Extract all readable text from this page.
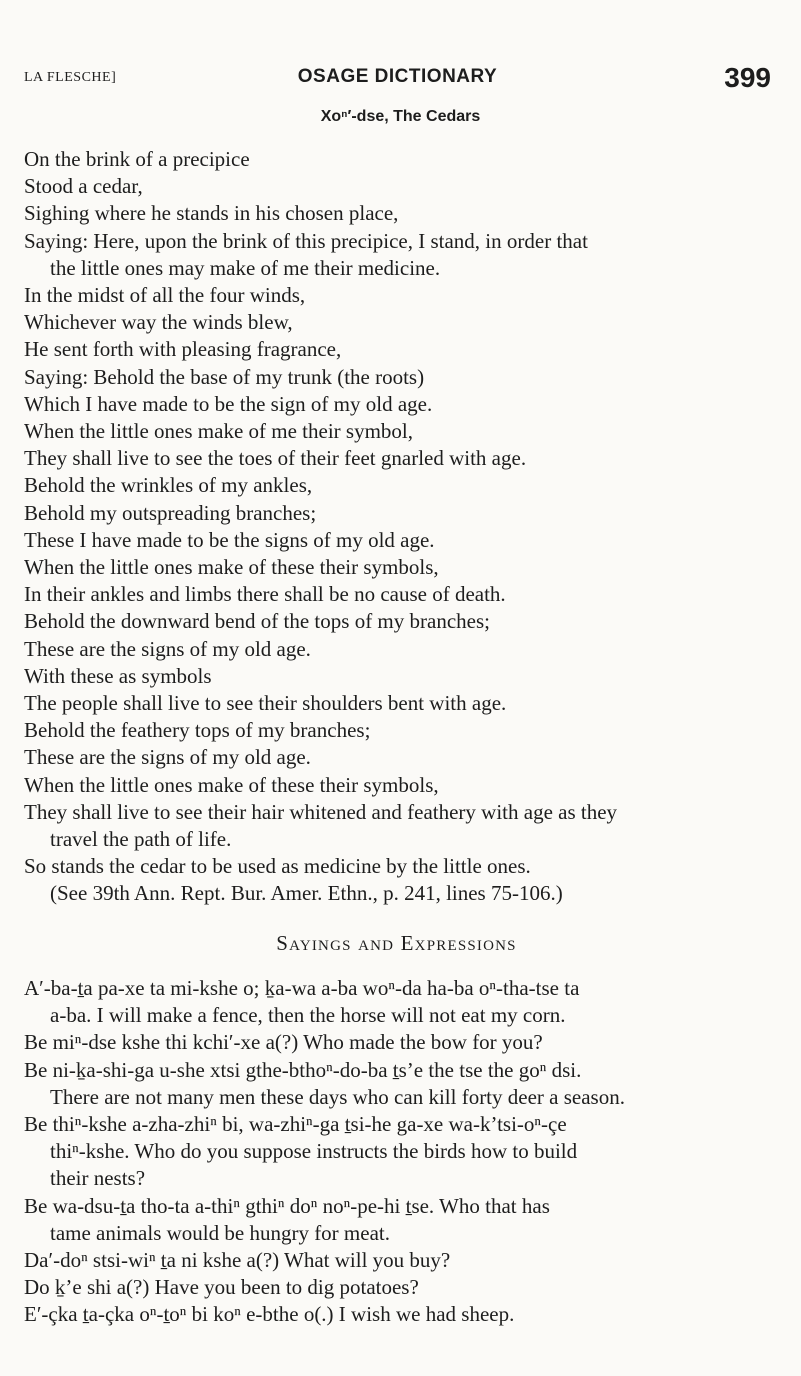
LA FLESCHE]	OSAGE DICTIONARY	399
Xoⁿ′-dse, The Cedars
On the brink of a precipice
Stood a cedar,
Sighing where he stands in his chosen place,
Saying: Here, upon the brink of this precipice, I stand, in order that
the little ones may make of me their medicine.
In the midst of all the four winds,
Whichever way the winds blew,
He sent forth with pleasing fragrance,
Saying: Behold the base of my trunk (the roots)
Which I have made to be the sign of my old age.
When the little ones make of me their symbol,
They shall live to see the toes of their feet gnarled with age.
Behold the wrinkles of my ankles,
Behold my outspreading branches;
These I have made to be the signs of my old age.
When the little ones make of these their symbols,
In their ankles and limbs there shall be no cause of death.
Behold the downward bend of the tops of my branches;
These are the signs of my old age.
With these as symbols
The people shall live to see their shoulders bent with age.
Behold the feathery tops of my branches;
These are the signs of my old age.
When the little ones make of these their symbols,
They shall live to see their hair whitened and feathery with age as they
travel the path of life.
So stands the cedar to be used as medicine by the little ones.
(See 39th Ann. Rept. Bur. Amer. Ethn., p. 241, lines 75-106.)
Sayings and Expressions
A′-ba-ṯa pa-xe ta mi-kshe o; ḵa-wa a-ba woⁿ-da ha-ba oⁿ-tha-tse ta
a-ba. I will make a fence, then the horse will not eat my corn.
Be miⁿ-dse kshe thi kchi′-xe a(?) Who made the bow for you?
Be ni-ḵa-shi-ga u-she xtsi gthe-bthoⁿ-do-ba ṯs’e the tse the goⁿ dsi.
There are not many men these days who can kill forty deer a season.
Be thiⁿ-kshe a-zha-zhiⁿ bi, wa-zhiⁿ-ga ṯsi-he ga-xe wa-k’tsi-oⁿ-çe
thiⁿ-kshe. Who do you suppose instructs the birds how to build
their nests?
Be wa-dsu-ṯa tho-ta a-thiⁿ gthiⁿ doⁿ noⁿ-pe-hi ṯse. Who that has
tame animals would be hungry for meat.
Da′-doⁿ stsi-wiⁿ ṯa ni kshe a(?) What will you buy?
Do ḵ’e shi a(?) Have you been to dig potatoes?
E′-çka ṯa-çka oⁿ-ṯoⁿ bi koⁿ e-bthe o(.) I wish we had sheep.
